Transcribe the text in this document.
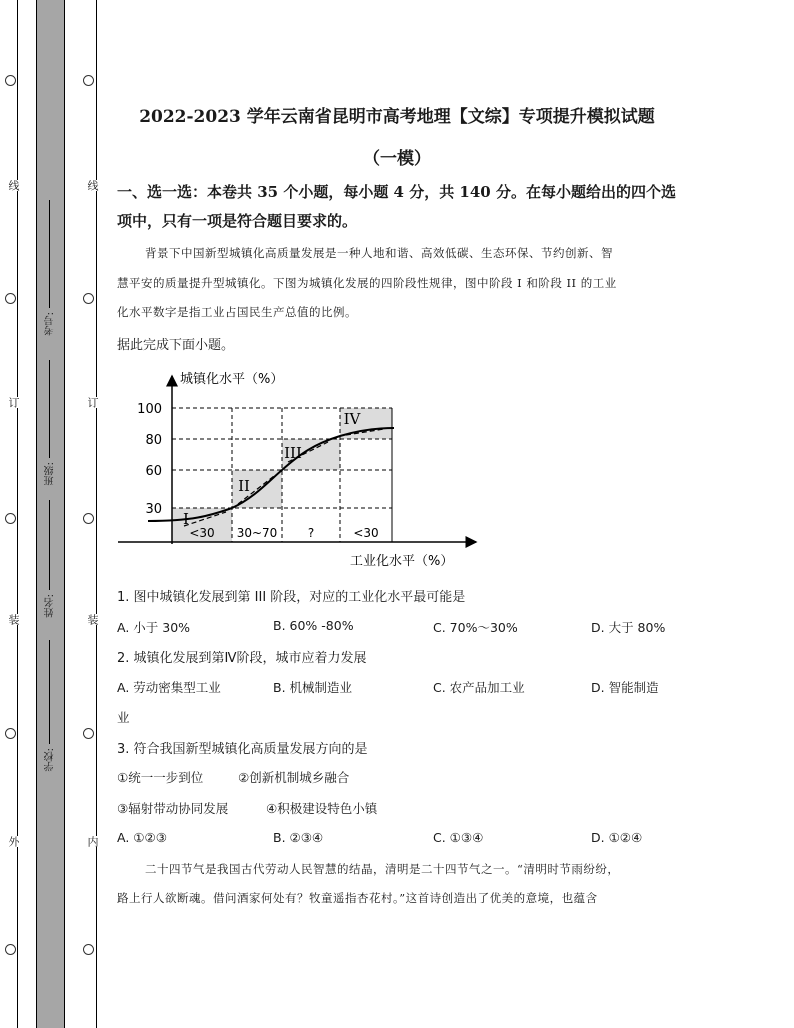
线
订
装
外
线
订
装
内
考号:
班级:
姓名:
学校:
2022-2023 学年云南省昆明市高考地理【文综】专项提升模拟试题
（一模）
一、选一选：本卷共 35 个小题，每小题 4 分，共 140 分。在每小题给出的四个选
项中，只有一项是符合题目要求的。
背景下中国新型城镇化高质量发展是一种人地和谐、高效低碳、生态环保、节约创新、智
慧平安的质量提升型城镇化。下图为城镇化发展的四阶段性规律，图中阶段 I 和阶段 II 的工业
化水平数字是指工业占国民生产总值的比例。
据此完成下面小题。
城镇化水平（%）
工业化水平（%）
30
60
80
100
<30 30~70	?	<30
I
II
III
IV
1. 图中城镇化发展到第 III 阶段，对应的工业化水平最可能是
A. 小于 30%	B. 60% -80%	C. 70%～30%	D. 大于 80%
2. 城镇化发展到第Ⅳ阶段，城市应着力发展
A. 劳动密集型工业	B. 机械制造业	C. 农产品加工业	D. 智能制造
业
3. 符合我国新型城镇化高质量发展方向的是
①统一一步到位	②创新机制城乡融合
③辐射带动协同发展	④积极建设特色小镇
A. ①②③	B. ②③④	C. ①③④	D. ①②④
二十四节气是我国古代劳动人民智慧的结晶，清明是二十四节气之一。“清明时节雨纷纷，
路上行人欲断魂。借问酒家何处有？牧童遥指杏花村。”这首诗创造出了优美的意境，也蕴含
